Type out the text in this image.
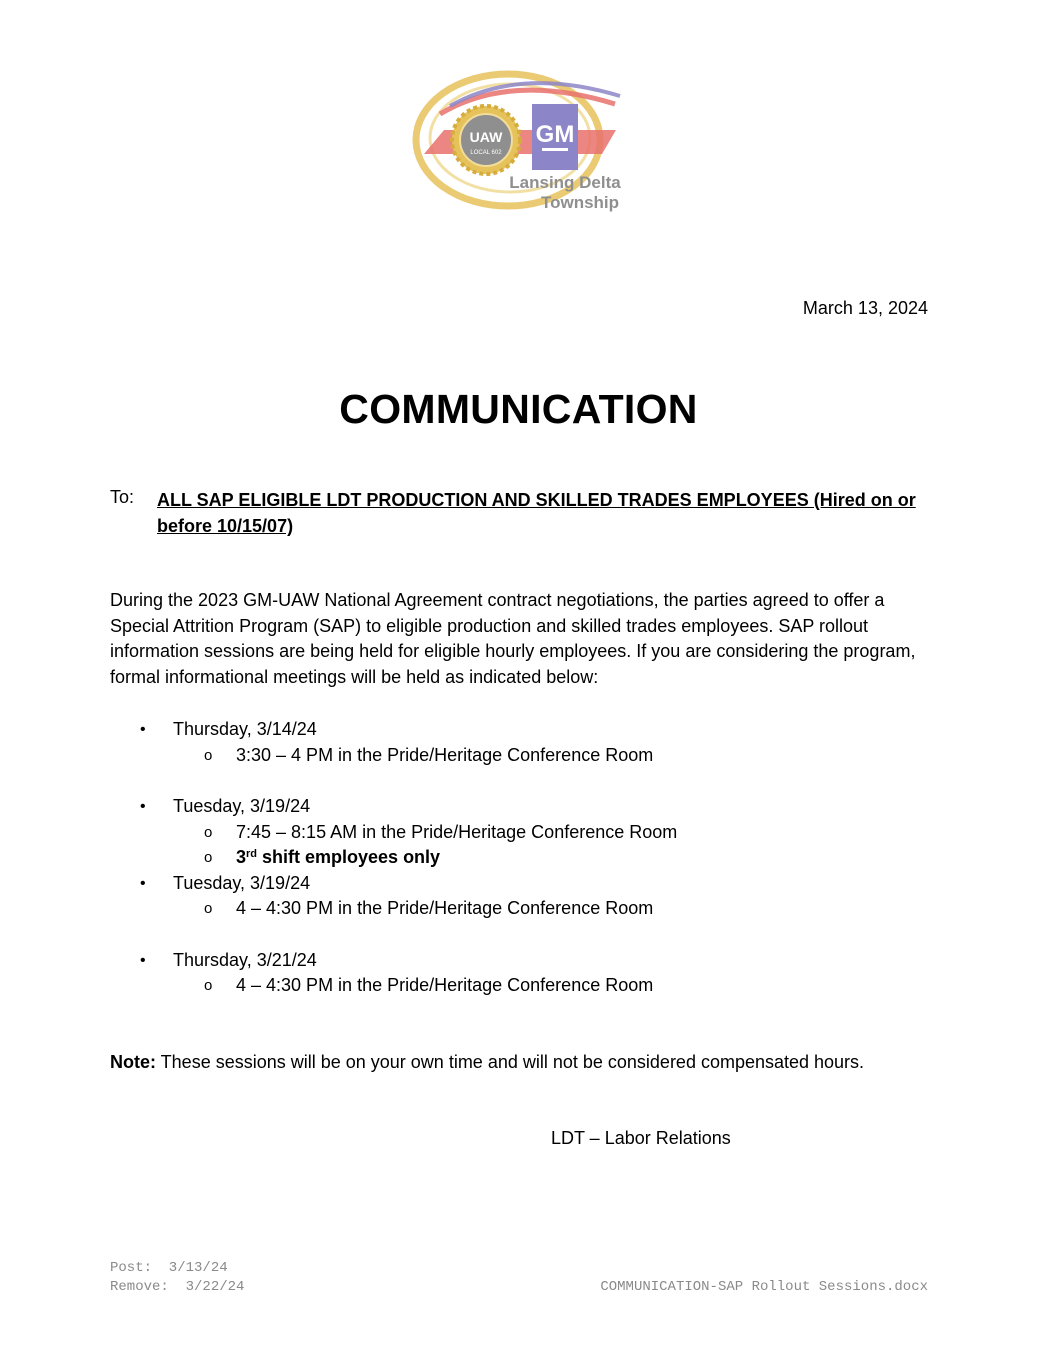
UAW
LOCAL 602
GM
Lansing Delta
Township
March 13, 2024
COMMUNICATION
To: ALL SAP ELIGIBLE LDT PRODUCTION AND SKILLED TRADES EMPLOYEES (Hired on or before 10/15/07)
During the 2023 GM-UAW National Agreement contract negotiations, the parties agreed to offer a Special Attrition Program (SAP) to eligible production and skilled trades employees. SAP rollout information sessions are being held for eligible hourly employees. If you are considering the program, formal informational meetings will be held as indicated below:
• Thursday, 3/14/24
o 3:30 – 4 PM in the Pride/Heritage Conference Room
• Tuesday, 3/19/24
o 7:45 – 8:15 AM in the Pride/Heritage Conference Room
o 3rd shift employees only
• Tuesday, 3/19/24
o 4 – 4:30 PM in the Pride/Heritage Conference Room
• Thursday, 3/21/24
o 4 – 4:30 PM in the Pride/Heritage Conference Room
Note: These sessions will be on your own time and will not be considered compensated hours.
LDT – Labor Relations
Post:  3/13/24
Remove:  3/22/24	COMMUNICATION-SAP Rollout Sessions.docx
